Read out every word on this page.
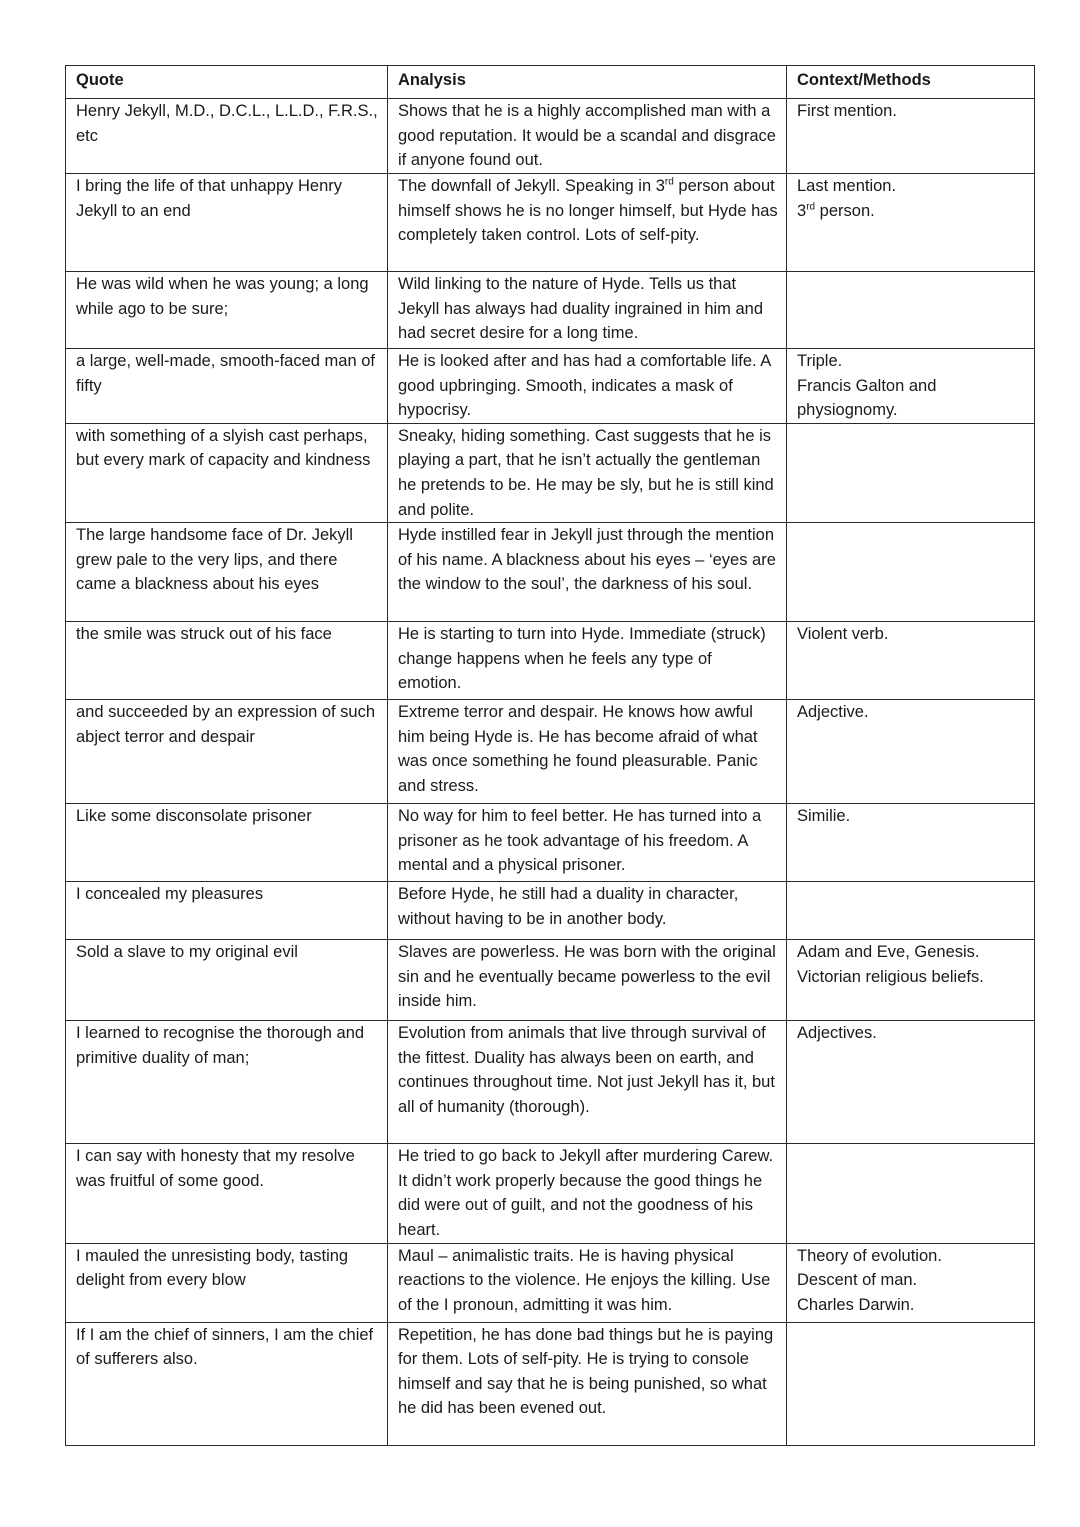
Quote	Analysis	Context/Methods

Henry Jekyll, M.D., D.C.L., L.L.D., F.R.S., etc	Shows that he is a highly accomplished man with a good reputation. It would be a scandal and disgrace if anyone found out.	First mention.

I bring the life of that unhappy Henry Jekyll to an end	The downfall of Jekyll. Speaking in 3rd person about himself shows he is no longer himself, but Hyde has completely taken control. Lots of self-pity.	Last mention.
3rd person.

He was wild when he was young; a long while ago to be sure;	Wild linking to the nature of Hyde. Tells us that Jekyll has always had duality ingrained in him and had secret desire for a long time.	

a large, well-made, smooth-faced man of fifty	He is looked after and has had a comfortable life. A good upbringing. Smooth, indicates a mask of hypocrisy.	Triple.
Francis Galton and physiognomy.

with something of a slyish cast perhaps, but every mark of capacity and kindness	Sneaky, hiding something. Cast suggests that he is playing a part, that he isn’t actually the gentleman he pretends to be. He may be sly, but he is still kind and polite.	

The large handsome face of Dr. Jekyll grew pale to the very lips, and there came a blackness about his eyes	Hyde instilled fear in Jekyll just through the mention of his name. A blackness about his eyes – ‘eyes are the window to the soul’, the darkness of his soul.	

the smile was struck out of his face	He is starting to turn into Hyde. Immediate (struck) change happens when he feels any type of emotion.	Violent verb.

and succeeded by an expression of such abject terror and despair	Extreme terror and despair. He knows how awful him being Hyde is. He has become afraid of what was once something he found pleasurable. Panic and stress.	Adjective.

Like some disconsolate prisoner	No way for him to feel better. He has turned into a prisoner as he took advantage of his freedom. A mental and a physical prisoner.	Similie.

I concealed my pleasures	Before Hyde, he still had a duality in character, without having to be in another body.	

Sold a slave to my original evil	Slaves are powerless. He was born with the original sin and he eventually became powerless to the evil inside him.	Adam and Eve, Genesis.
Victorian religious beliefs.

I learned to recognise the thorough and primitive duality of man;	Evolution from animals that live through survival of the fittest. Duality has always been on earth, and continues throughout time. Not just Jekyll has it, but all of humanity (thorough).	Adjectives.

I can say with honesty that my resolve was fruitful of some good.	He tried to go back to Jekyll after murdering Carew. It didn’t work properly because the good things he did were out of guilt, and not the goodness of his heart.	

I mauled the unresisting body, tasting delight from every blow	Maul – animalistic traits. He is having physical reactions to the violence. He enjoys the killing. Use of the I pronoun, admitting it was him.	Theory of evolution.
Descent of man.
Charles Darwin.

If I am the chief of sinners, I am the chief of sufferers also.	Repetition, he has done bad things but he is paying for them. Lots of self-pity. He is trying to console himself and say that he is being punished, so what he did has been evened out.	
